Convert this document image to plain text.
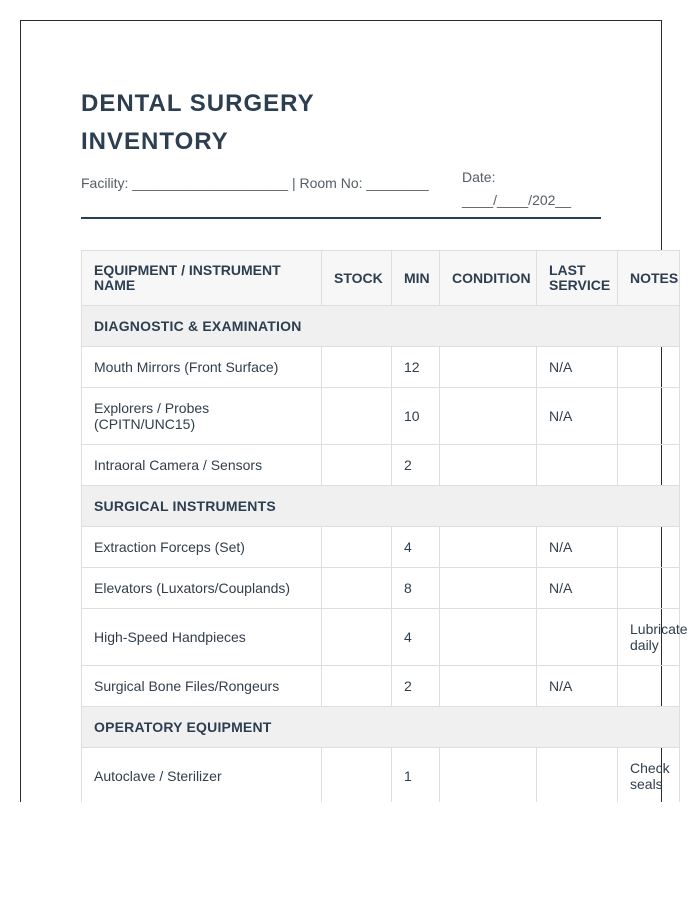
DENTAL SURGERY INVENTORY
Facility: ____________________ | Room No: ________ Date:
____/____/202__
EQUIPMENT / INSTRUMENT NAME	STOCK	MIN	CONDITION	LAST SERVICE	NOTES
DIAGNOSTIC & EXAMINATION					
Mouth Mirrors (Front Surface)		12		N/A	
Explorers / Probes (CPITN/UNC15)		10		N/A	
Intraoral Camera / Sensors		2			
SURGICAL INSTRUMENTS					
Extraction Forceps (Set)		4		N/A	
Elevators (Luxators/Couplands)		8		N/A	
High-Speed Handpieces		4			Lubricate daily
Surgical Bone Files/Rongeurs		2		N/A	
OPERATORY EQUIPMENT					
Autoclave / Sterilizer		1			Check seals
